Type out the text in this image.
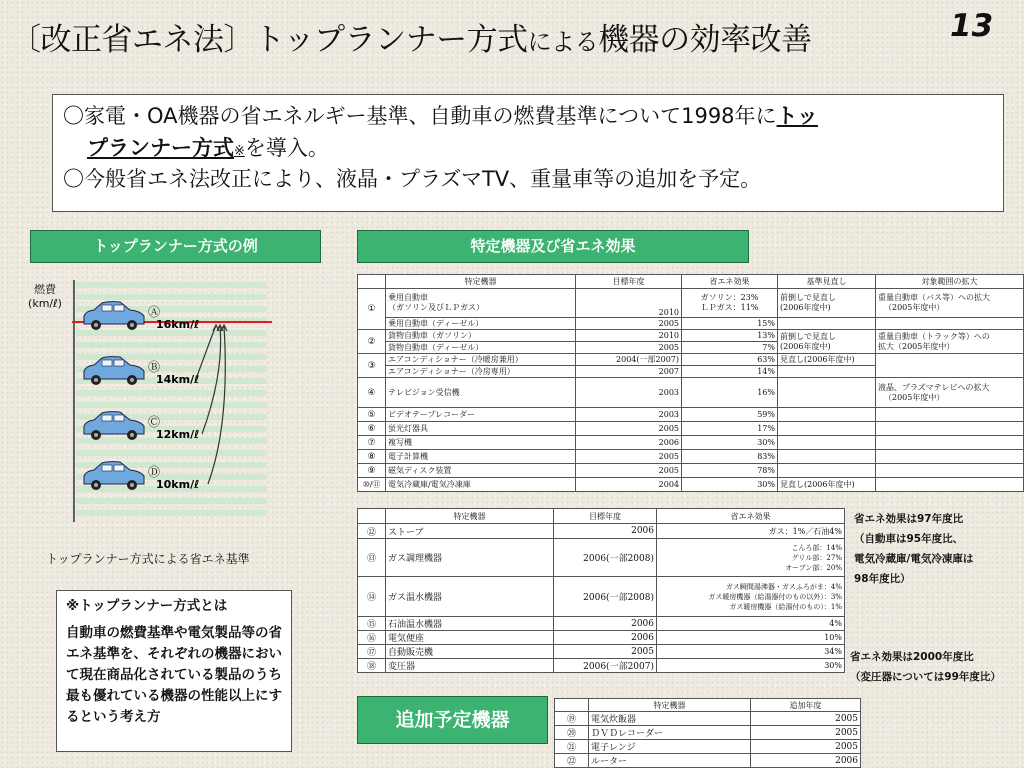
〔改正省エネ法〕トップランナー方式による機器の効率改善	13

〇家電・OA機器の省エネルギー基準、自動車の燃費基準について1998年にトッ

プランナー方式※を導入。

〇今般省エネ法改正により、液晶・プラズマTV、重量車等の追加を予定。

トップランナー方式の例	特定機器及び省エネ効果
燃費
(km/ℓ)
Ⓐ
16km/ℓ
Ⓑ
14km/ℓ
Ⓒ
12km/ℓ
Ⓓ
10km/ℓ
トップランナー方式による省エネ基準

※トップランナー方式とは

自動車の燃費基準や電気製品等の省エネ基準を、それぞれの機器において現在商品化されている製品のうち最も優れている機器の性能以上にするという考え方

	特定機器	目標年度	省エネ効果	基準見直し	対象範囲の拡大
①	乗用自動車
（ガソリン及びＬＰガス）	2010	ガソリン：23%
ＬＰガス：11%	前倒しで見直し
(2006年度中)	重量自動車（バス等）への拡大
（2005年度中）

	乗用自動車（ディーゼル）	2005	15%		
②	貨物自動車（ガソリン）	2010	13%	前倒しで見直し
(2006年度中)	重量自動車（トラック等）への
拡大（2005年度中）

	貨物自動車（ディーゼル）	2005	7%		
③	エアコンディショナー（冷暖房兼用）	2004(一部2007)	63%	見直し(2006年度中)	
	エアコンディショナー（冷房専用）	2007	14%		
④	テレビジョン受信機	2003	16%		液晶、プラズマテレビへの拡大
（2005年度中）

⑤	ビデオテープレコーダー	2003	59%		
⑥	蛍光灯器具	2005	17%		
⑦	複写機	2006	30%		
⑧	電子計算機	2005	83%		
⑨	磁気ディスク装置	2005	78%		
⑩/⑪	電気冷蔵庫/電気冷凍庫	2004	30%	見直し(2006年度中)	
	特定機器	目標年度	省エネ効果
⑫	ストーブ	2006	ガス：1%／石油4%
⑬	ガス調理機器	2006(一部2008)	こんろ部：14%
グリル部：27%
オーブン部：20%

⑭	ガス温水機器	2006(一部2008)	ガス瞬間湯沸器・ガスふろがま：4%
ガス暖房機器（給湯器付のもの以外）：3%
ガス暖房機器（給湯付のもの）：1%

⑮	石油温水機器	2006	4%
⑯	電気便座	2006	10%
⑰	自動販売機	2005	34%
⑱	変圧器	2006(一部2007)	30%
省エネ効果は97年度比
（自動車は95年度比、
電気冷蔵庫/電気冷凍庫は
98年度比）
省エネ効果は2000年度比
（変圧器については99年度比）
追加予定機器
	特定機器	追加年度
⑲	電気炊飯器	2005
⑳	ＤＶＤレコーダー	2005
㉑	電子レンジ	2005
㉒	ルーター	2006
